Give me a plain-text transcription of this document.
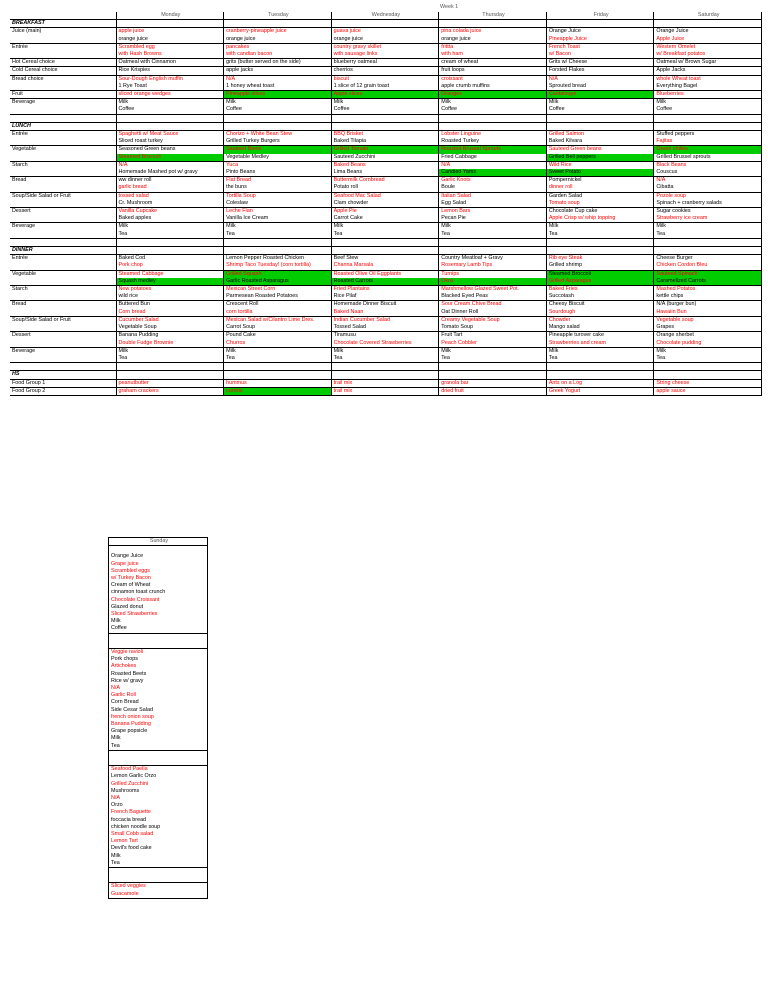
Week 1
	Monday	Tuesday	Wednesday	Thursday	Friday	Saturday
BREAKFAST						
Juice (main)	apple juice	cranberry-pineapple juice	guava juice	pina colada juice	Orange Juice	Orange Juice
	orange juice	orange juice	orange juice	orange juice	Pineapple Juice	Apple Juice
Entrée	Scrambled egg	pancakes	country gravy skillet	frittta	French Toast	Western Omelet
	with Hash Browns	with candian bacon	with sausage links	with ham	w/ Bacon	w/ Breakfast potatos
Hot Cereal choice	Oatmeal with Cinnamon	grits (butter served on the side)	blueberry oatmeal	cream of wheat	Grits w/ Cheese	Oatmeal w/ Brown Sugar
Cold Cereal choice	Rice Krispies	apple jacks	cherrios	fruit loops	Forsted Flakes	Apple Jacks
Bread choice	Sour-Dough English muffin	N/A	biscuit	croissant	N/A	whole Wheat toast
	1 Rye Toast	1 honey wheat toast	1 slice of 12 grain toast	apple crumb muffins	Sprouted bread	Everything Bagel
Fruit	sliced orange wedges	Pineapple slices	Apple slices	Oranges	Cantaloupe	Blueberries
Beverage	Milk	Milk	Milk	Milk	Milk	Milk
	Coffee	Coffee	Coffee	Coffee	Coffee	Coffee

LUNCH						
Entrée	Spaghetti w/ Meat Sauce	Chorizo + White Bean Stew	BBQ Brisket	Lobster Linguine	Grilled Salmon	Stuffed peppers
	Sliced roast turkey	Grilled Turkey Burgers	Baked Tilapia	Roasted Turkey	Baked Kilvara	Fajitas
Vegetable	Seasoned Green beans	Sauteed Beets	Grilled Tomato	Roasted Brussel Sprouts	Sauteed Green beans	Green chilies
	Steamed Broccoli	Vegetable Medley	Sauteed Zucchini	Fried Cabbage	Grilled Bell peppers	Grilled Brussel sprouts
Starch	N/A	Yuca	Baked Beans	N/A	Wild Rice	Black Beans
	Homemade Mashed pot w/ gravy	Pinto Beans	Lima Beans	Candied Yams	Sweet Potato	Couscus
Bread	ww dinner roll	Flat Bread	Buttermilk Cornbread	Garlic Knots	Pompernickel	N/A
	garlic bread	the buns	Potato roll	Boule	dinner roll	Cibatta
Soup/Side Salad or Fruit	tossed salad	Tortilla Soup	Seafood Mac Salad	Italian Salad	Garden Salad	Pozole soup
	Cr. Mushroom	Coleslaw	Clam chowder	Egg Salad	Tomato soup	Spinach + cranberry salads
Dessert	Vanilla Cupcake	Leche Flan	Apple Pie	Lemon Bars	Chocolate Cup cake	Sugar cookies
	Baked apples	Vanilla Ice Cream	Carrot Cake	Pecan Pie	Apple Crisp w/ whip topping	Strawberry ice cream
Beverage	Milk	Milk	Milk	Milk	Milk	Milk
	Tea	Tea	Tea	Tea	Tea	Tea

DINNER						
Entrée	Baked Cod	Lemon Pepper Roasted Chicken	Beef Stew	Country Meatloaf + Gravy	Rib eye Steak	Cheese Burger
	Pork chop	Shrimp Taco Tuesday! (corn tortilla)	Channa Marsala	Rosemary Lamb Tips	Grilled shrimp	Chicken Cordon Bleu
Vegetable	Steamed Cabbage	Grilled Squash	Roasted Olive Oil Eggplants	Turnips	Steamed Broccoli	Sauteed Spinach
	Squash medley	Garlic Roasted Asparagus	Roasted Carrots	Okra	Grilled Asparagus	Caramelized Carrots
Starch	New potatoes	Mexican Street Corn	Fried Plantains	Marshmellow Glazed Sweet Pot.	Baked Fries	Mashed Potatos
	wild rice	Parmesean Roasted Potatoes	Rice Pilaf	Blacked Eyed Peas	Succotash	kettle chips
Bread	Buttered Bun	Crescent Roll	Homemade Dinner Biscuit	Sour Cream Chive Bread	Cheesy Biscuit	N/A (burger bun)
	Corn bread	corn tortilla	Baked Naan	Oat Dinner Roll	Sourdough	Hawaiin Bun
Soup/Side Salad or Fruit	Cucumber Salad	Mexican Salad w/Cilantro Lime Dres.	Indian Cucumber Salad	Creamy Vegetable Soup	Chowder	Vegetable soup
	Vegetable Soup	Carrot Soup	Tossed Salad	Tomato Soup	Mango salad	Grapes
Dessert	Banana Pudding	Pound Cake	Tiramusu	Fruit Tart	Pineapple turover cake	Orange sherbet
	Double Fudge Brownie	Churros	Chocolate Covered Strawberries	Peach Cobbler	Strawberries and cream	Chocolate pudding
Beverage	Milk	Milk	Milk	Milk	Milk	Milk
	Tea	Tea	Tea	Tea	Tea	Tea

HS						
Food Group 1	peanutbutter	hummus	trail mix	granola bar	Ants on a Log	String cheese
Food Group 2	graham crackers	carrots	trail mix	dried fruit	Greek Yogurt	apple sauce
Sunday

Orange Juice
Grape juice
Scrambled eggs
w/ Turkey Bacon
Cream of Wheat
cinnamon toast crunch
Chocolate Croissant
Glazed donut
Sliced Strawberries
Milk
Coffee

Veggie ravioli
Pork chops
Artichokes
Roasted Beets
Rice w/ gravy
N/A
Garlic Roll
Corn Bread
Side Cesar Salad
french onion soup
Banana Pudding
Grape popsicle
Milk
Tea

Seafood Paella
Lemon Garlic Orzo
Grilled Zucchini
Mushrooms
N/A
Orzo
French Baguette
foccacia bread
chicken noodle soup
Small Cobb salad
Lemon Tart
Devil's food cake
Milk
Tea

Sliced veggies
Guacamole
